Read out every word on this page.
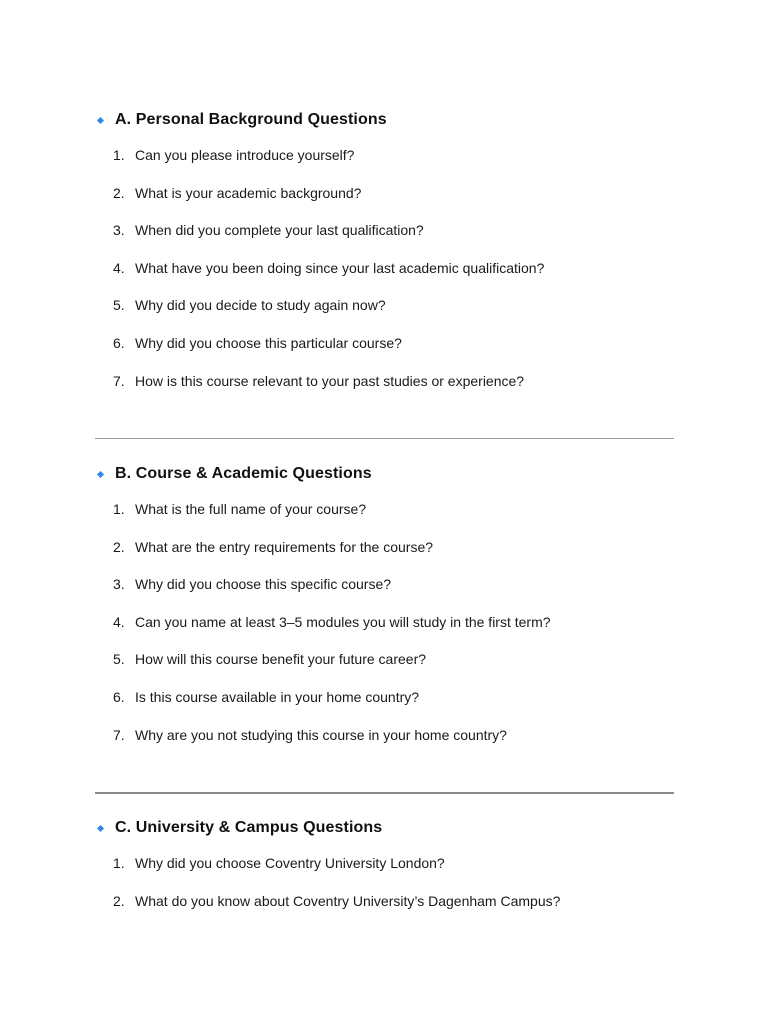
A. Personal Background Questions
1. Can you please introduce yourself?
2. What is your academic background?
3. When did you complete your last qualification?
4. What have you been doing since your last academic qualification?
5. Why did you decide to study again now?
6. Why did you choose this particular course?
7. How is this course relevant to your past studies or experience?
B. Course & Academic Questions
1. What is the full name of your course?
2. What are the entry requirements for the course?
3. Why did you choose this specific course?
4. Can you name at least 3–5 modules you will study in the first term?
5. How will this course benefit your future career?
6. Is this course available in your home country?
7. Why are you not studying this course in your home country?
C. University & Campus Questions
1. Why did you choose Coventry University London?
2. What do you know about Coventry University’s Dagenham Campus?
